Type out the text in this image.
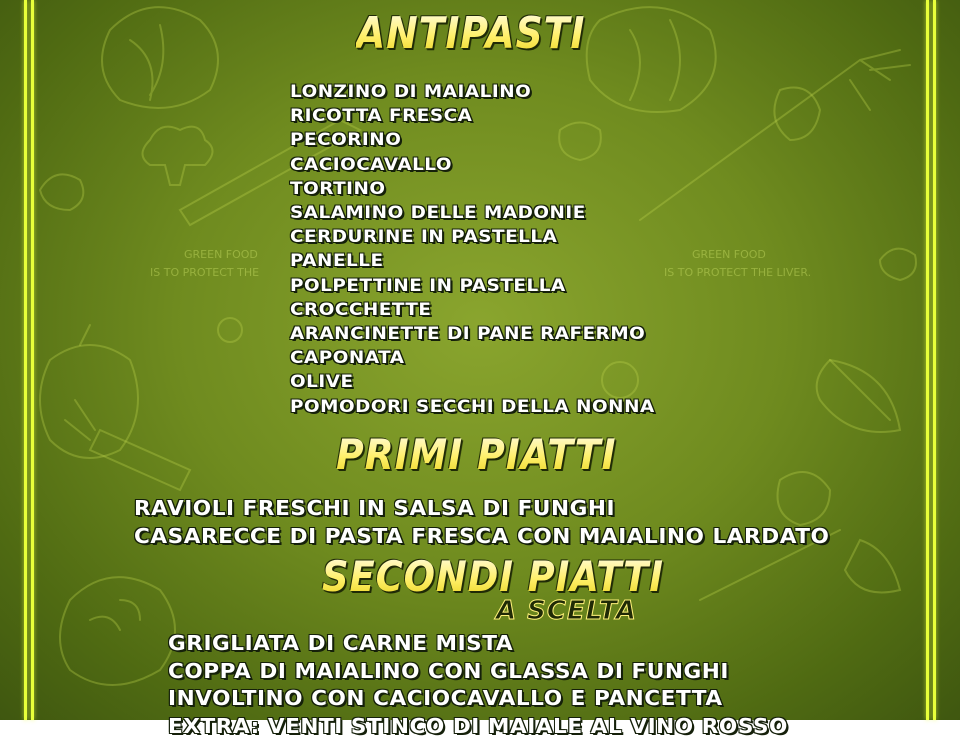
GREEN FOOD
IS TO PROTECT THE
GREEN FOOD
IS TO PROTECT THE LIVER.
ANTIPASTI
LONZINO DI MAIALINO
RICOTTA FRESCA
PECORINO
CACIOCAVALLO
TORTINO
SALAMINO DELLE MADONIE
CERDURINE IN PASTELLA
PANELLE
POLPETTINE IN PASTELLA
CROCCHETTE
ARANCINETTE DI PANE RAFERMO
CAPONATA
OLIVE
POMODORI SECCHI DELLA NONNA
PRIMI PIATTI
RAVIOLI FRESCHI IN SALSA DI FUNGHI
CASARECCE DI PASTA FRESCA CON MAIALINO LARDATO
SECONDI PIATTI

A SCELTA

GRIGLIATA DI CARNE MISTA
COPPA DI MAIALINO CON GLASSA DI FUNGHI
INVOLTINO CON CACIOCAVALLO E PANCETTA
EXTRA: VENTI STINCO DI MAIALE AL VINO ROSSO
